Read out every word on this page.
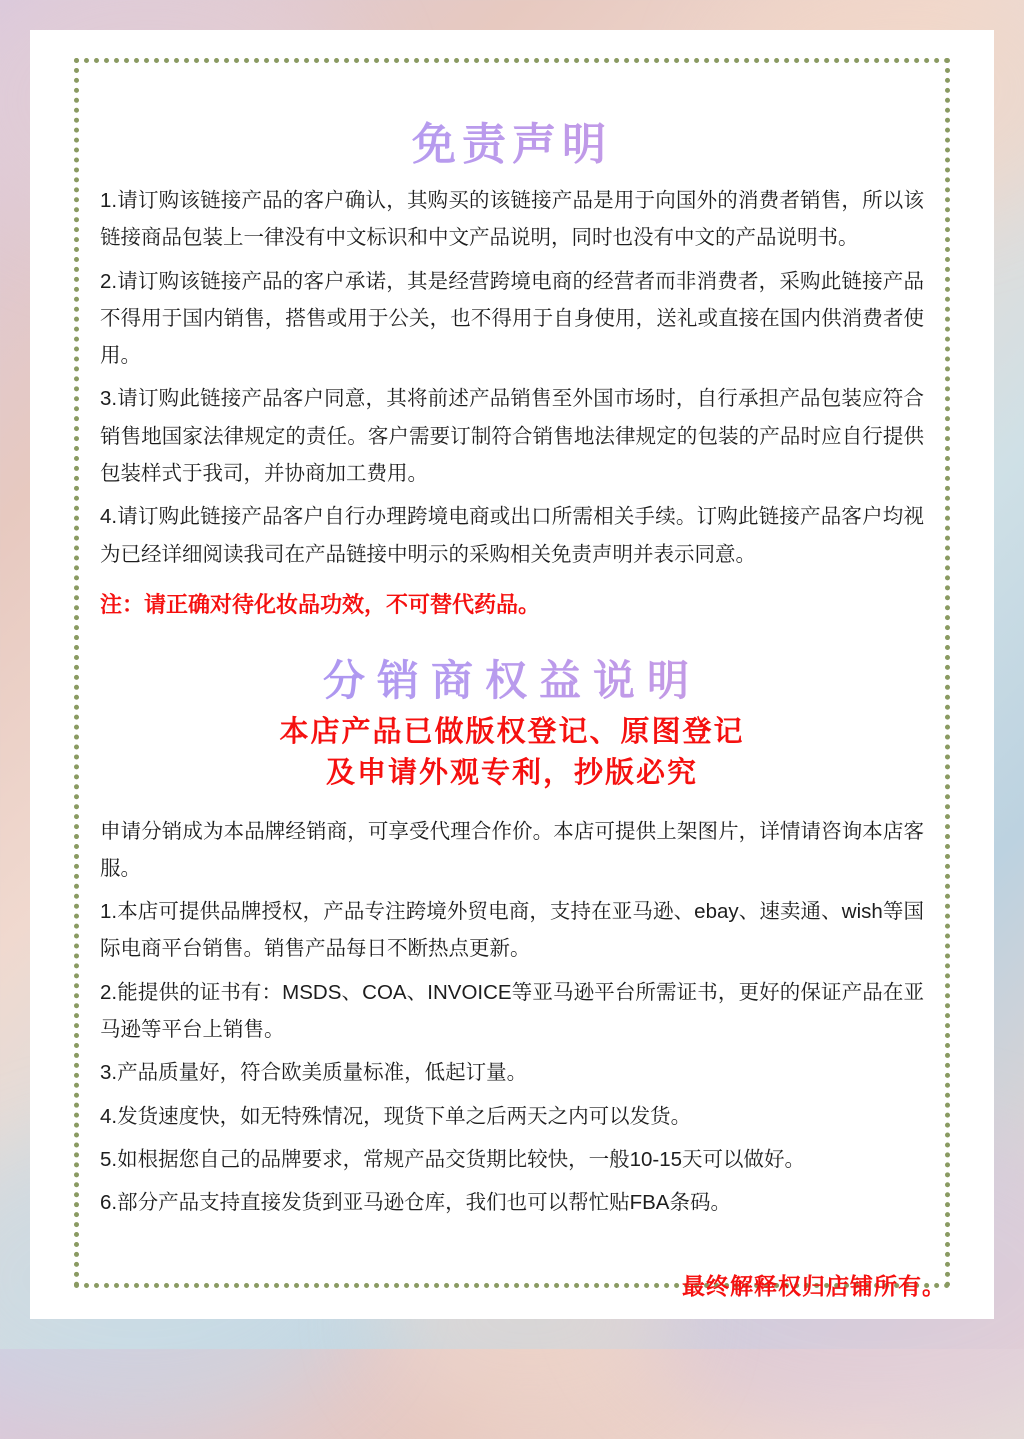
免责声明

1.请订购该链接产品的客户确认，其购买的该链接产品是用于向国外的消费者销售，所以该链接商品包装上一律没有中文标识和中文产品说明，同时也没有中文的产品说明书。

2.请订购该链接产品的客户承诺，其是经营跨境电商的经营者而非消费者，采购此链接产品不得用于国内销售，搭售或用于公关，也不得用于自身使用，送礼或直接在国内供消费者使用。

3.请订购此链接产品客户同意，其将前述产品销售至外国市场时，自行承担产品包装应符合销售地国家法律规定的责任。客户需要订制符合销售地法律规定的包装的产品时应自行提供包装样式于我司，并协商加工费用。

4.请订购此链接产品客户自行办理跨境电商或出口所需相关手续。订购此链接产品客户均视为已经详细阅读我司在产品链接中明示的采购相关免责声明并表示同意。

注：请正确对待化妆品功效，不可替代药品。

分销商权益说明

本店产品已做版权登记、原图登记

及申请外观专利，抄版必究

申请分销成为本品牌经销商，可享受代理合作价。本店可提供上架图片，详情请咨询本店客服。

1.本店可提供品牌授权，产品专注跨境外贸电商，支持在亚马逊、ebay、速卖通、wish等国际电商平台销售。销售产品每日不断热点更新。

2.能提供的证书有：MSDS、COA、INVOICE等亚马逊平台所需证书，更好的保证产品在亚马逊等平台上销售。

3.产品质量好，符合欧美质量标准，低起订量。

4.发货速度快，如无特殊情况，现货下单之后两天之内可以发货。

5.如根据您自己的品牌要求，常规产品交货期比较快，一般10-15天可以做好。

6.部分产品支持直接发货到亚马逊仓库，我们也可以帮忙贴FBA条码。

最终解释权归店铺所有。
